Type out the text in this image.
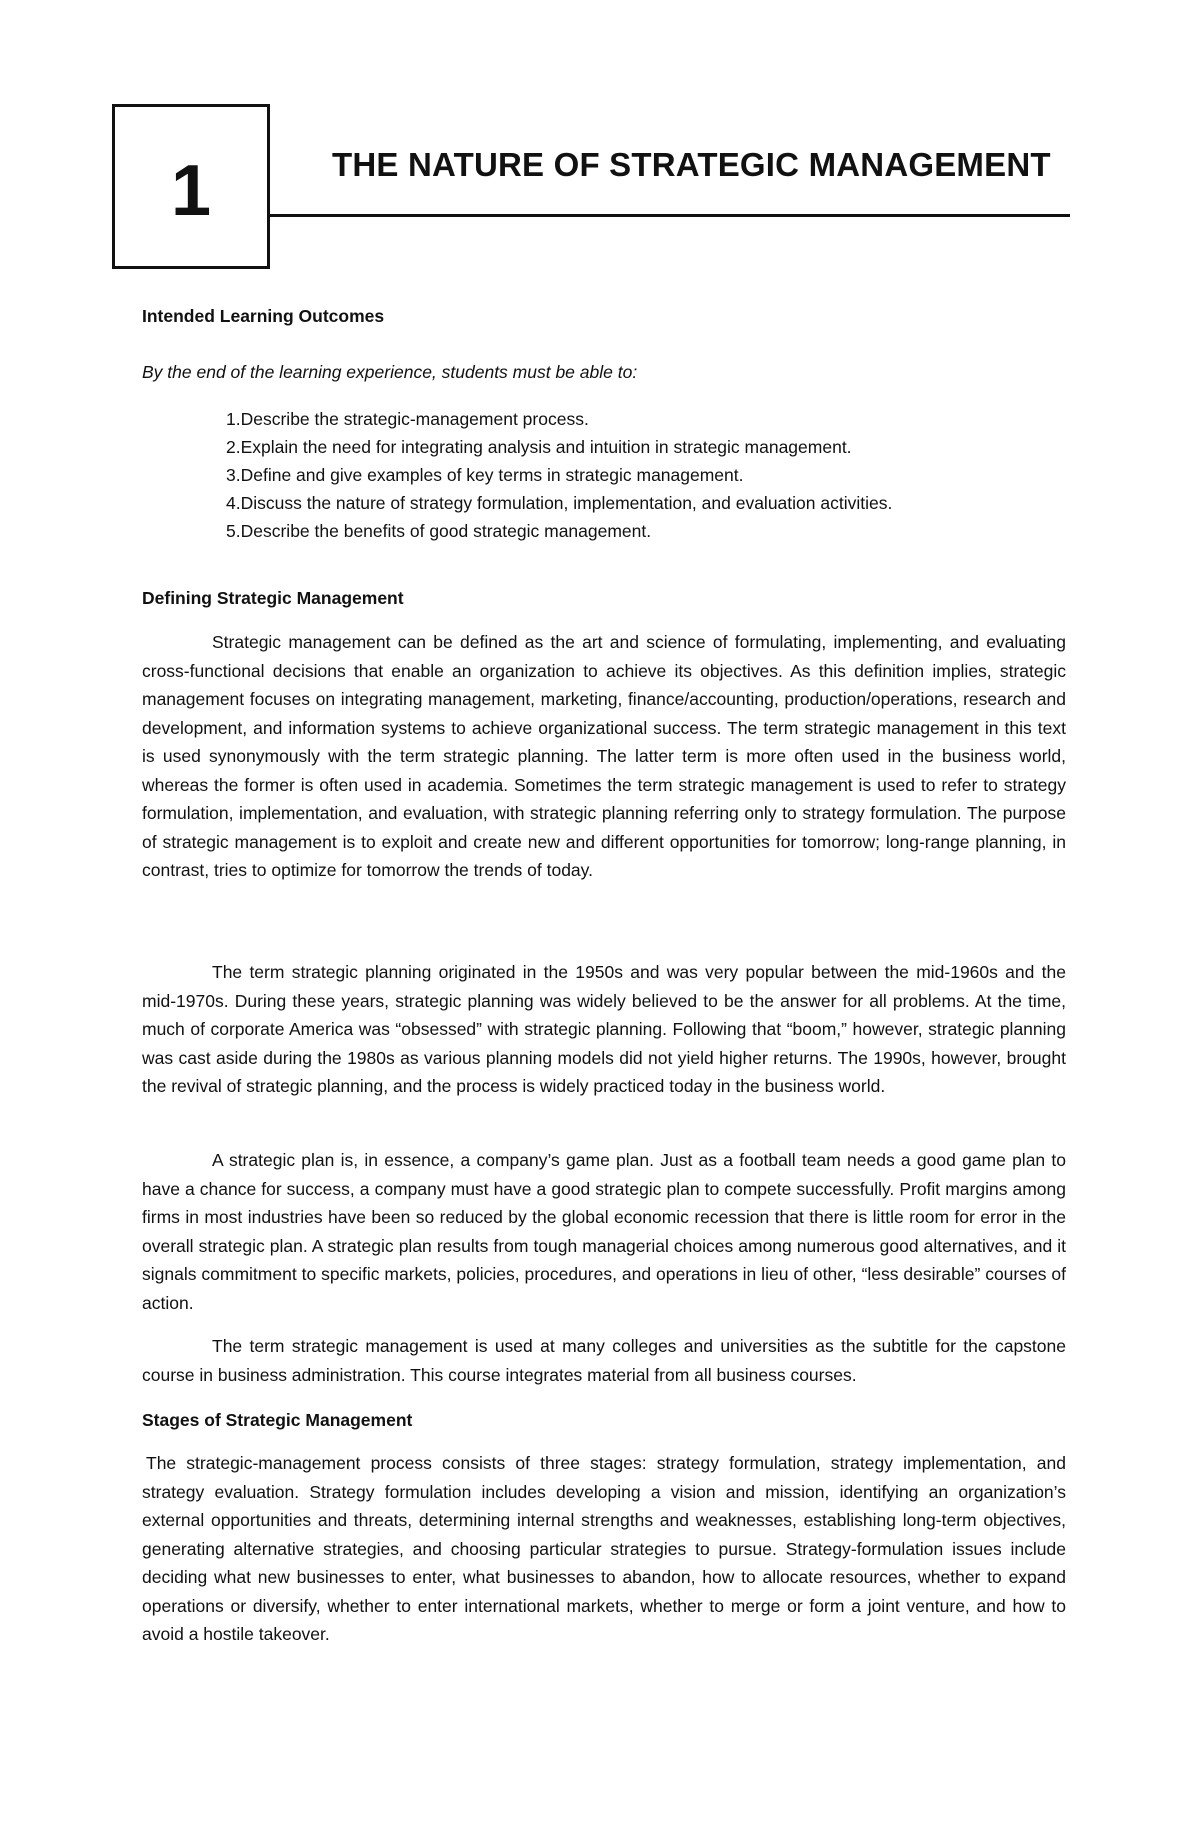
1	THE NATURE OF STRATEGIC MANAGEMENT
Intended Learning Outcomes

By the end of the learning experience, students must be able to:

1. Describe the strategic-management process.
2. Explain the need for integrating analysis and intuition in strategic management.
3. Define and give examples of key terms in strategic management.
4. Discuss the nature of strategy formulation, implementation, and evaluation activities.
5. Describe the benefits of good strategic management.
Defining Strategic Management

Strategic management can be defined as the art and science of formulating, implementing, and evaluating cross-functional decisions that enable an organization to achieve its objectives. As this definition implies, strategic management focuses on integrating management, marketing, finance/accounting, production/operations, research and development, and information systems to achieve organizational success. The term strategic management in this text is used synonymously with the term strategic planning. The latter term is more often used in the business world, whereas the former is often used in academia. Sometimes the term strategic management is used to refer to strategy formulation, implementation, and evaluation, with strategic planning referring only to strategy formulation. The purpose of strategic management is to exploit and create new and different opportunities for tomorrow; long-range planning, in contrast, tries to optimize for tomorrow the trends of today.

The term strategic planning originated in the 1950s and was very popular between the mid-1960s and the mid-1970s. During these years, strategic planning was widely believed to be the answer for all problems. At the time, much of corporate America was “obsessed” with strategic planning. Following that “boom,” however, strategic planning was cast aside during the 1980s as various planning models did not yield higher returns. The 1990s, however, brought the revival of strategic planning, and the process is widely practiced today in the business world.

A strategic plan is, in essence, a company’s game plan. Just as a football team needs a good game plan to have a chance for success, a company must have a good strategic plan to compete successfully. Profit margins among firms in most industries have been so reduced by the global economic recession that there is little room for error in the overall strategic plan. A strategic plan results from tough managerial choices among numerous good alternatives, and it signals commitment to specific markets, policies, procedures, and operations in lieu of other, “less desirable” courses of action.

The term strategic management is used at many colleges and universities as the subtitle for the capstone course in business administration. This course integrates material from all business courses.

Stages of Strategic Management

The strategic-management process consists of three stages: strategy formulation, strategy implementation, and strategy evaluation. Strategy formulation includes developing a vision and mission, identifying an organization’s external opportunities and threats, determining internal strengths and weaknesses, establishing long-term objectives, generating alternative strategies, and choosing particular strategies to pursue. Strategy-formulation issues include deciding what new businesses to enter, what businesses to abandon, how to allocate resources, whether to expand operations or diversify, whether to enter international markets, whether to merge or form a joint venture, and how to avoid a hostile takeover.
